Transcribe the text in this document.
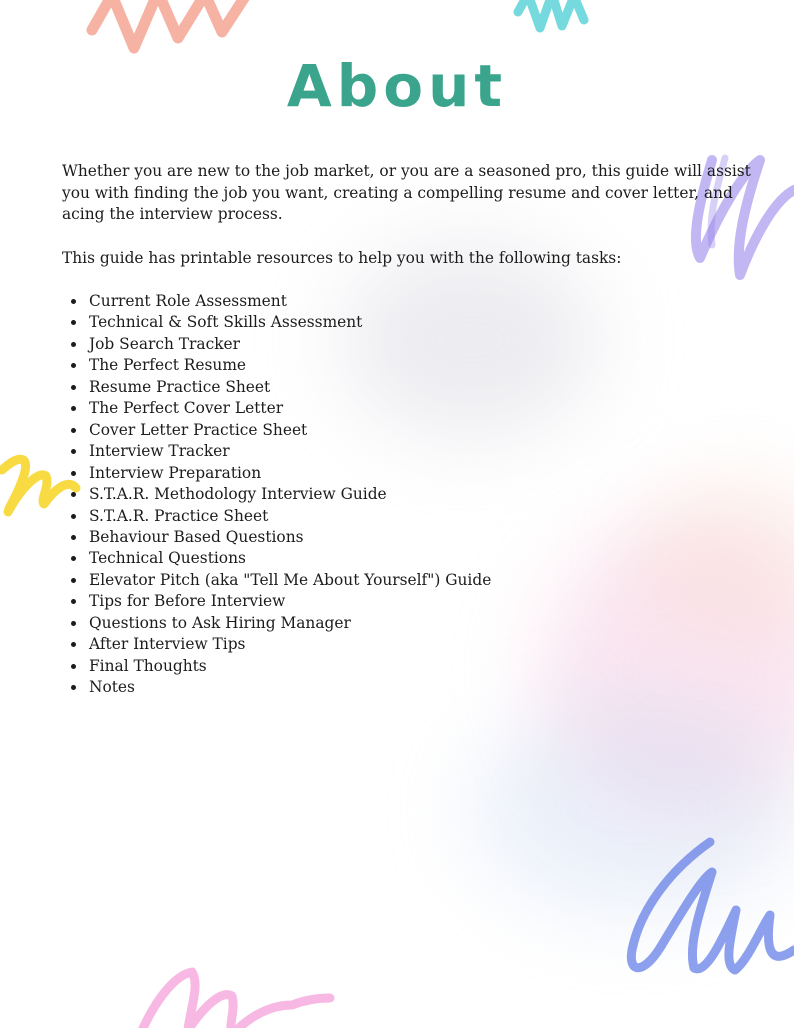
About

Whether you are new to the job market, or you are a seasoned pro, this guide will assist you with finding the job you want, creating a compelling resume and cover letter, and acing the interview process.

This guide has printable resources to help you with the following tasks:

Current Role Assessment
Technical & Soft Skills Assessment
Job Search Tracker
The Perfect Resume
Resume Practice Sheet
The Perfect Cover Letter
Cover Letter Practice Sheet
Interview Tracker
Interview Preparation
S.T.A.R. Methodology Interview Guide
S.T.A.R. Practice Sheet
Behaviour Based Questions
Technical Questions
Elevator Pitch (aka "Tell Me About Yourself") Guide
Tips for Before Interview
Questions to Ask Hiring Manager
After Interview Tips
Final Thoughts
Notes
